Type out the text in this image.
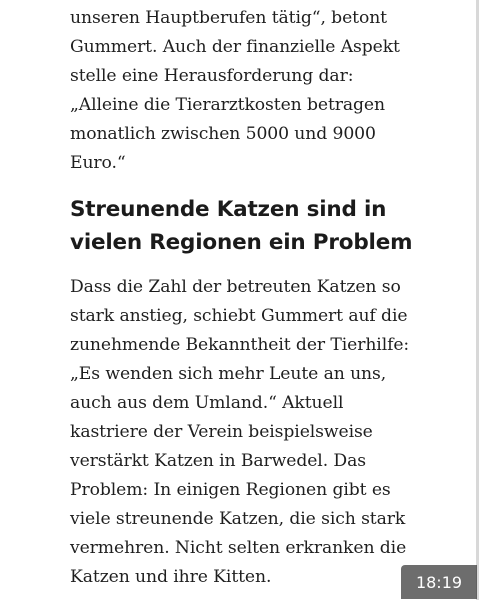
unseren Hauptberufen tätig“, betont
Gummert. Auch der finanzielle Aspekt
stelle eine Herausforderung dar:
„Alleine die Tierarztkosten betragen
monatlich zwischen 5000 und 9000
Euro.“

Streunende Katzen sind in
vielen Regionen ein Problem

Dass die Zahl der betreuten Katzen so
stark anstieg, schiebt Gummert auf die
zunehmende Bekanntheit der Tierhilfe:
„Es wenden sich mehr Leute an uns,
auch aus dem Umland.“ Aktuell
kastriere der Verein beispielsweise
verstärkt Katzen in Barwedel. Das
Problem: In einigen Regionen gibt es
viele streunende Katzen, die sich stark
vermehren. Nicht selten erkranken die
Katzen und ihre Kitten.	18:19
